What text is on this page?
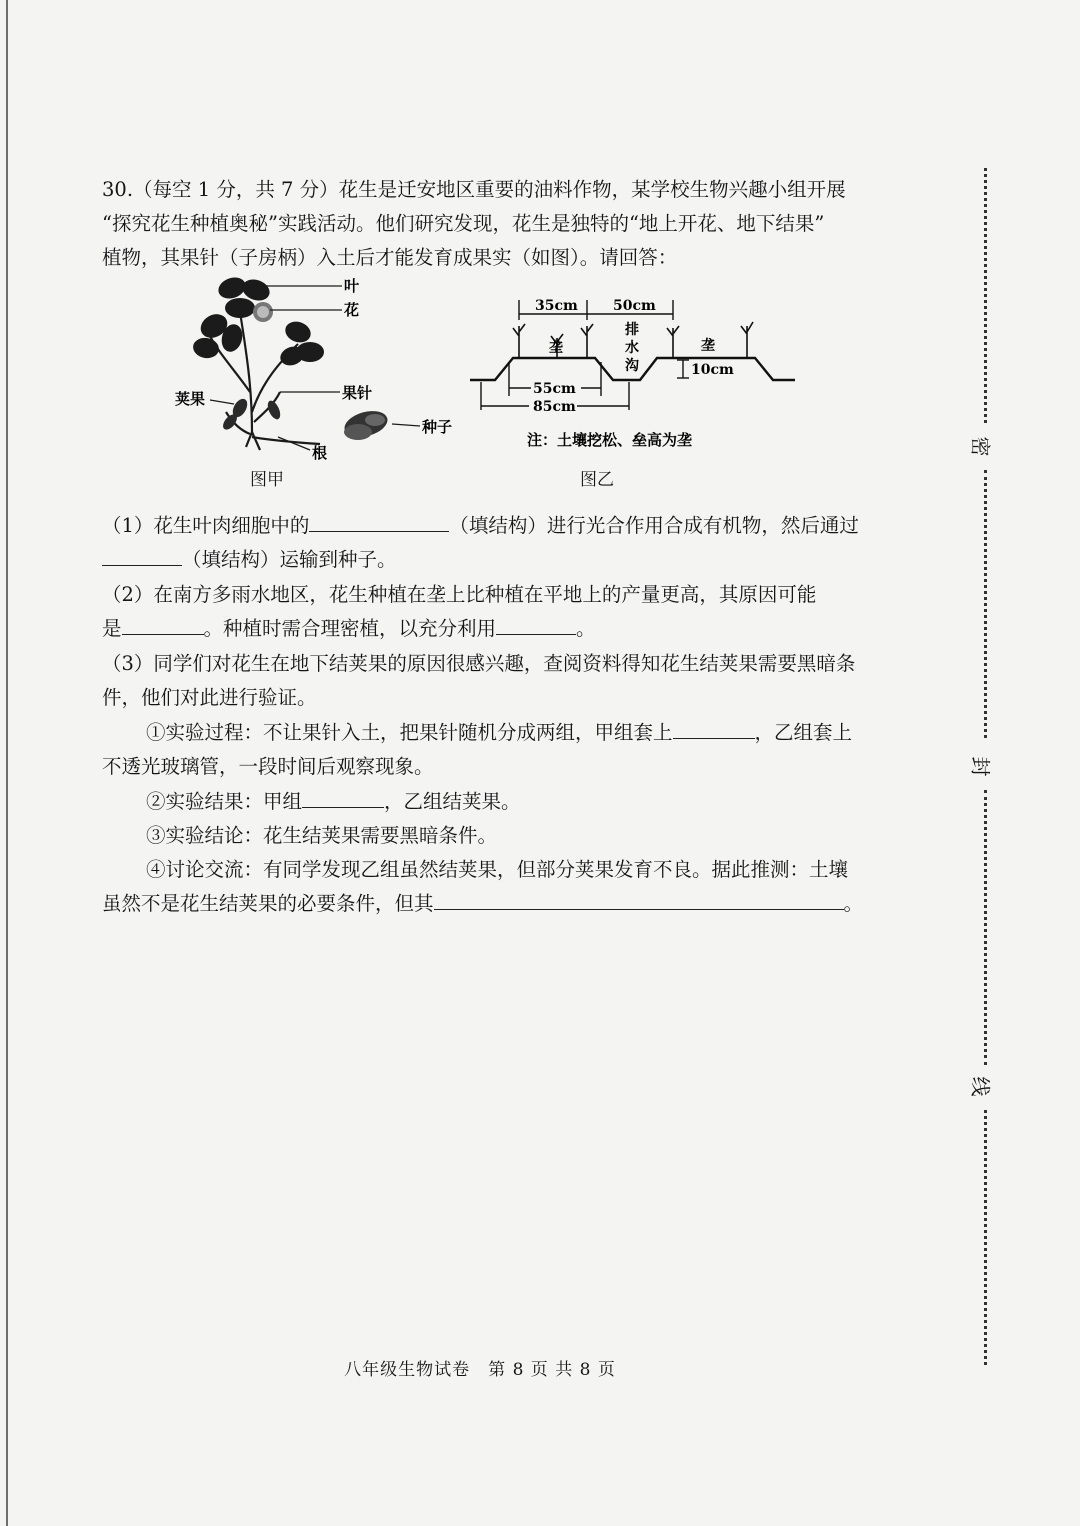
30.（每空 1 分，共 7 分）花生是迁安地区重要的油料作物，某学校生物兴趣小组开展
“探究花生种植奥秘”实践活动。他们研究发现，花生是独特的“地上开花、地下结果”
植物，其果针（子房柄）入土后才能发育成果实（如图）。请回答：
叶
花
荚果	果针
种子
根
图甲
35cm	50cm
垄	垄
排
水
沟	10cm
55cm
85cm
注：土壤挖松、垒高为垄
图乙
（1）花生叶肉细胞中的	（填结构）进行光合作用合成有机物，然后通过
（填结构）运输到种子。
（2）在南方多雨水地区，花生种植在垄上比种植在平地上的产量更高，其原因可能
是	。种植时需合理密植，以充分利用	。
（3）同学们对花生在地下结荚果的原因很感兴趣，查阅资料得知花生结荚果需要黑暗条
件，他们对此进行验证。
①实验过程：不让果针入土，把果针随机分成两组，甲组套上	，乙组套上
不透光玻璃管，一段时间后观察现象。
②实验结果：甲组	，乙组结荚果。
③实验结论：花生结荚果需要黑暗条件。
④讨论交流：有同学发现乙组虽然结荚果，但部分荚果发育不良。据此推测：土壤
虽然不是花生结荚果的必要条件，但其	。
八年级生物试卷　第 8 页 共 8 页
密
封
线
